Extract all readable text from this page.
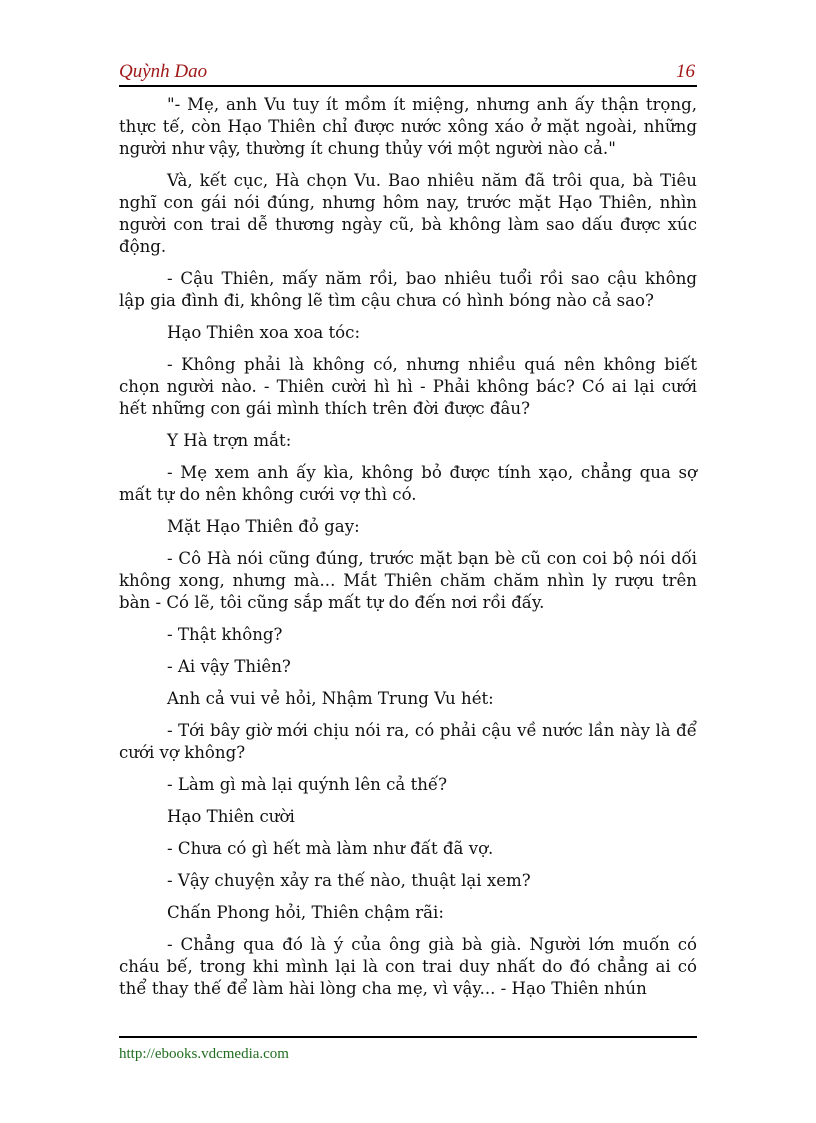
Quỳnh Dao	16

"- Mẹ, anh Vu tuy ít mồm ít miệng, nhưng anh ấy thận trọng, thực tế, còn Hạo Thiên chỉ được nước xông xáo ở mặt ngoài, những người như vậy, thường ít chung thủy với một người nào cả."

Và, kết cục, Hà chọn Vu. Bao nhiêu năm đã trôi qua, bà Tiêu nghĩ con gái nói đúng, nhưng hôm nay, trước mặt Hạo Thiên, nhìn người con trai dễ thương ngày cũ, bà không làm sao dấu được xúc động.

- Cậu Thiên, mấy năm rồi, bao nhiêu tuổi rồi sao cậu không lập gia đình đi, không lẽ tìm cậu chưa có hình bóng nào cả sao?

Hạo Thiên xoa xoa tóc:

- Không phải là không có, nhưng nhiều quá nên không biết chọn người nào. - Thiên cười hì hì - Phải không bác? Có ai lại cưới hết những con gái mình thích trên đời được đâu?

Y Hà trợn mắt:

- Mẹ xem anh ấy kìa, không bỏ được tính xạo, chẳng qua sợ mất tự do nên không cưới vợ thì có.

Mặt Hạo Thiên đỏ gay:

- Cô Hà nói cũng đúng, trước mặt bạn bè cũ con coi bộ nói dối không xong, nhưng mà... Mắt Thiên chăm chăm nhìn ly rượu trên bàn - Có lẽ, tôi cũng sắp mất tự do đến nơi rồi đấy.

- Thật không?

- Ai vậy Thiên?

Anh cả vui vẻ hỏi, Nhậm Trung Vu hét:

- Tới bây giờ mới chịu nói ra, có phải cậu về nước lần này là để cưới vợ không?

- Làm gì mà lại quýnh lên cả thế?

Hạo Thiên cười

- Chưa có gì hết mà làm như đất đã vợ.

- Vậy chuyện xảy ra thế nào, thuật lại xem?

Chấn Phong hỏi, Thiên chậm rãi:

- Chẳng qua đó là ý của ông già bà già. Người lớn muốn có cháu bế, trong khi mình lại là con trai duy nhất do đó chẳng ai có thể thay thế để làm hài lòng cha mẹ, vì vậy... - Hạo Thiên nhún

http://ebooks.vdcmedia.com
